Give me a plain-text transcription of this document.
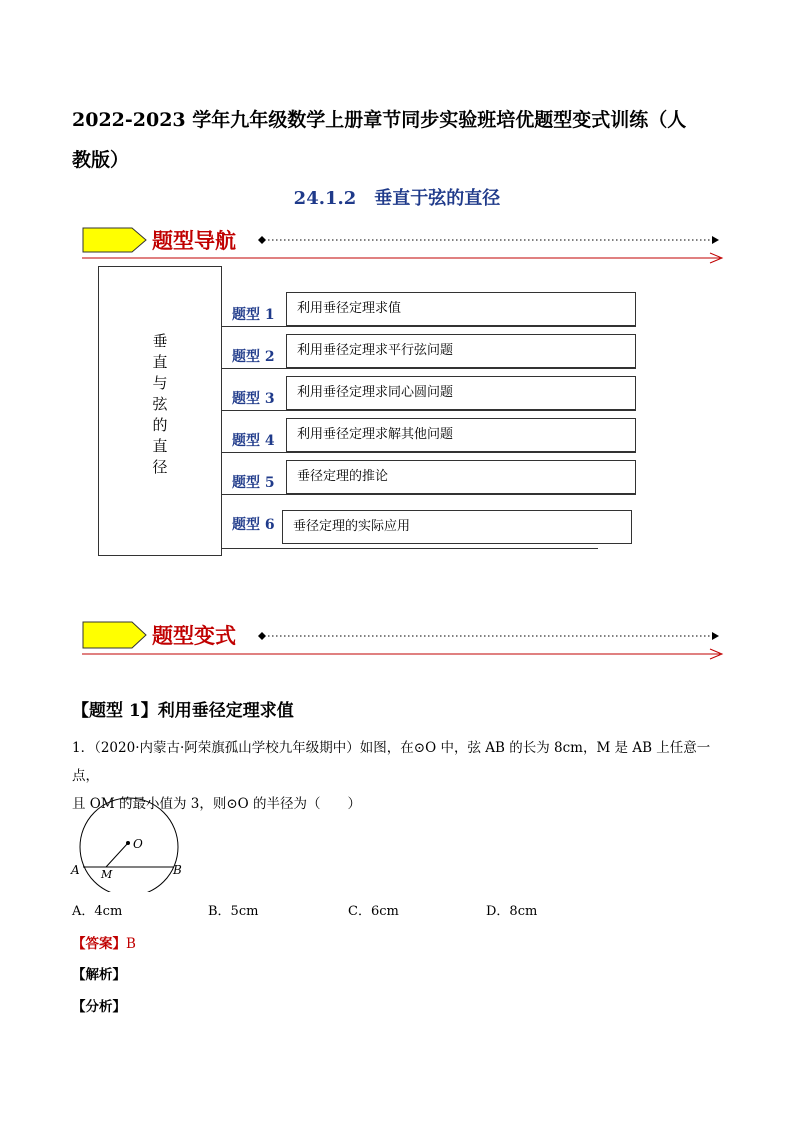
2022-2023 学年九年级数学上册章节同步实验班培优题型变式训练（人
教版）
24.1.2　垂直于弦的直径
题型导航
垂
直
与
弦
的
直
径
题型 1	利用垂径定理求值
题型 2	利用垂径定理求平行弦问题
题型 3	利用垂径定理求同心圆问题
题型 4	利用垂径定理求解其他问题
题型 5	垂径定理的推论
题型 6	垂径定理的实际应用
题型变式
【题型 1】利用垂径定理求值
1．（2020·内蒙古·阿荣旗孤山学校九年级期中）如图，在⊙O 中，弦 AB 的长为 8cm，M 是 AB 上任意一点，
且 OM 的最小值为 3，则⊙O 的半径为（　　）
O
A	B
M
A．4cm	B．5cm	C．6cm	D．8cm
【答案】B
【解析】
【分析】
